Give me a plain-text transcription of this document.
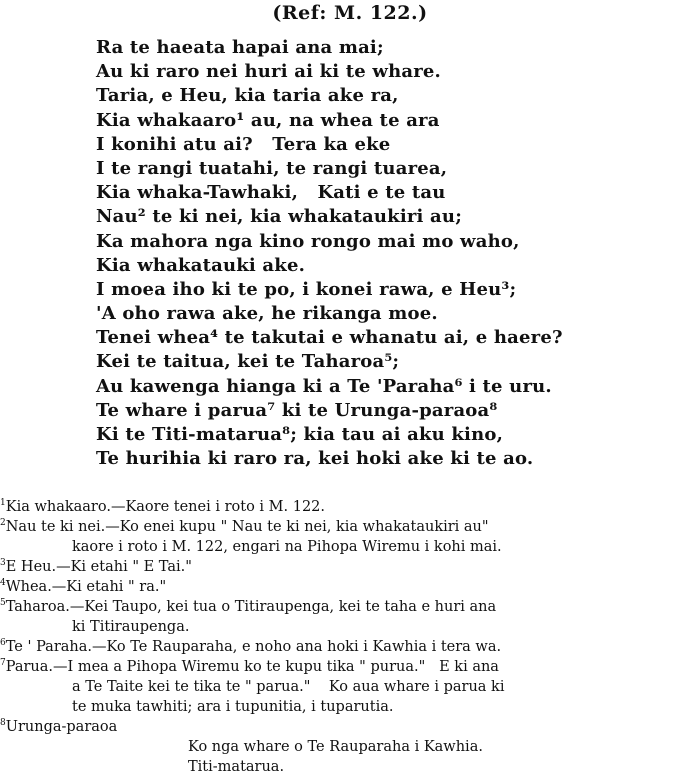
(Ref: M. 122.)
Ra te haeata hapai ana mai;
Au ki raro nei huri ai ki te whare.
Taria, e Heu, kia taria ake ra,
Kia whakaaro¹ au, na whea te ara
I konihi atu ai?   Tera ka eke
I te rangi tuatahi, te rangi tuarea,
Kia whaka-Tawhaki,   Kati e te tau
Nau² te ki nei, kia whakataukiri au;
Ka mahora nga kino rongo mai mo waho,
Kia whakatauki ake.
I moea iho ki te po, i konei rawa, e Heu³;
'A oho rawa ake, he rikanga moe.
Tenei whea⁴ te takutai e whanatu ai, e haere?
Kei te taitua, kei te Taharoa⁵;
Au kawenga hianga ki a Te 'Paraha⁶ i te uru.
Te whare i parua⁷ ki te Urunga-paraoa⁸
Ki te Titi-matarua⁸; kia tau ai aku kino,
Te hurihia ki raro ra, kei hoki ake ki te ao.
$^1$Kia whakaaro.—Kaore tenei i roto i M. 122.
$^2$Nau te ki nei.—Ko enei kupu " Nau te ki nei, kia whakataukiri au"
kaore i roto i M. 122, engari na Pihopa Wiremu i kohi mai.
$^3$E Heu.—Ki etahi " E Tai."
$^4$Whea.—Ki etahi " ra."
$^5$Taharoa.—Kei Taupo, kei tua o Titiraupenga, kei te taha e huri ana
ki Titiraupenga.
$^6$Te ' Paraha.—Ko Te Rauparaha, e noho ana hoki i Kawhia i tera wa.
$^7$Parua.—I mea a Pihopa Wiremu ko te kupu tika " purua."   E ki ana
a Te Taite kei te tika te " parua."    Ko aua whare i parua ki
te muka tawhiti; ara i tupunitia, i tuparutia.
$^8$Urunga-paraoa
Ko nga whare o Te Rauparaha i Kawhia.
Titi-matarua.
